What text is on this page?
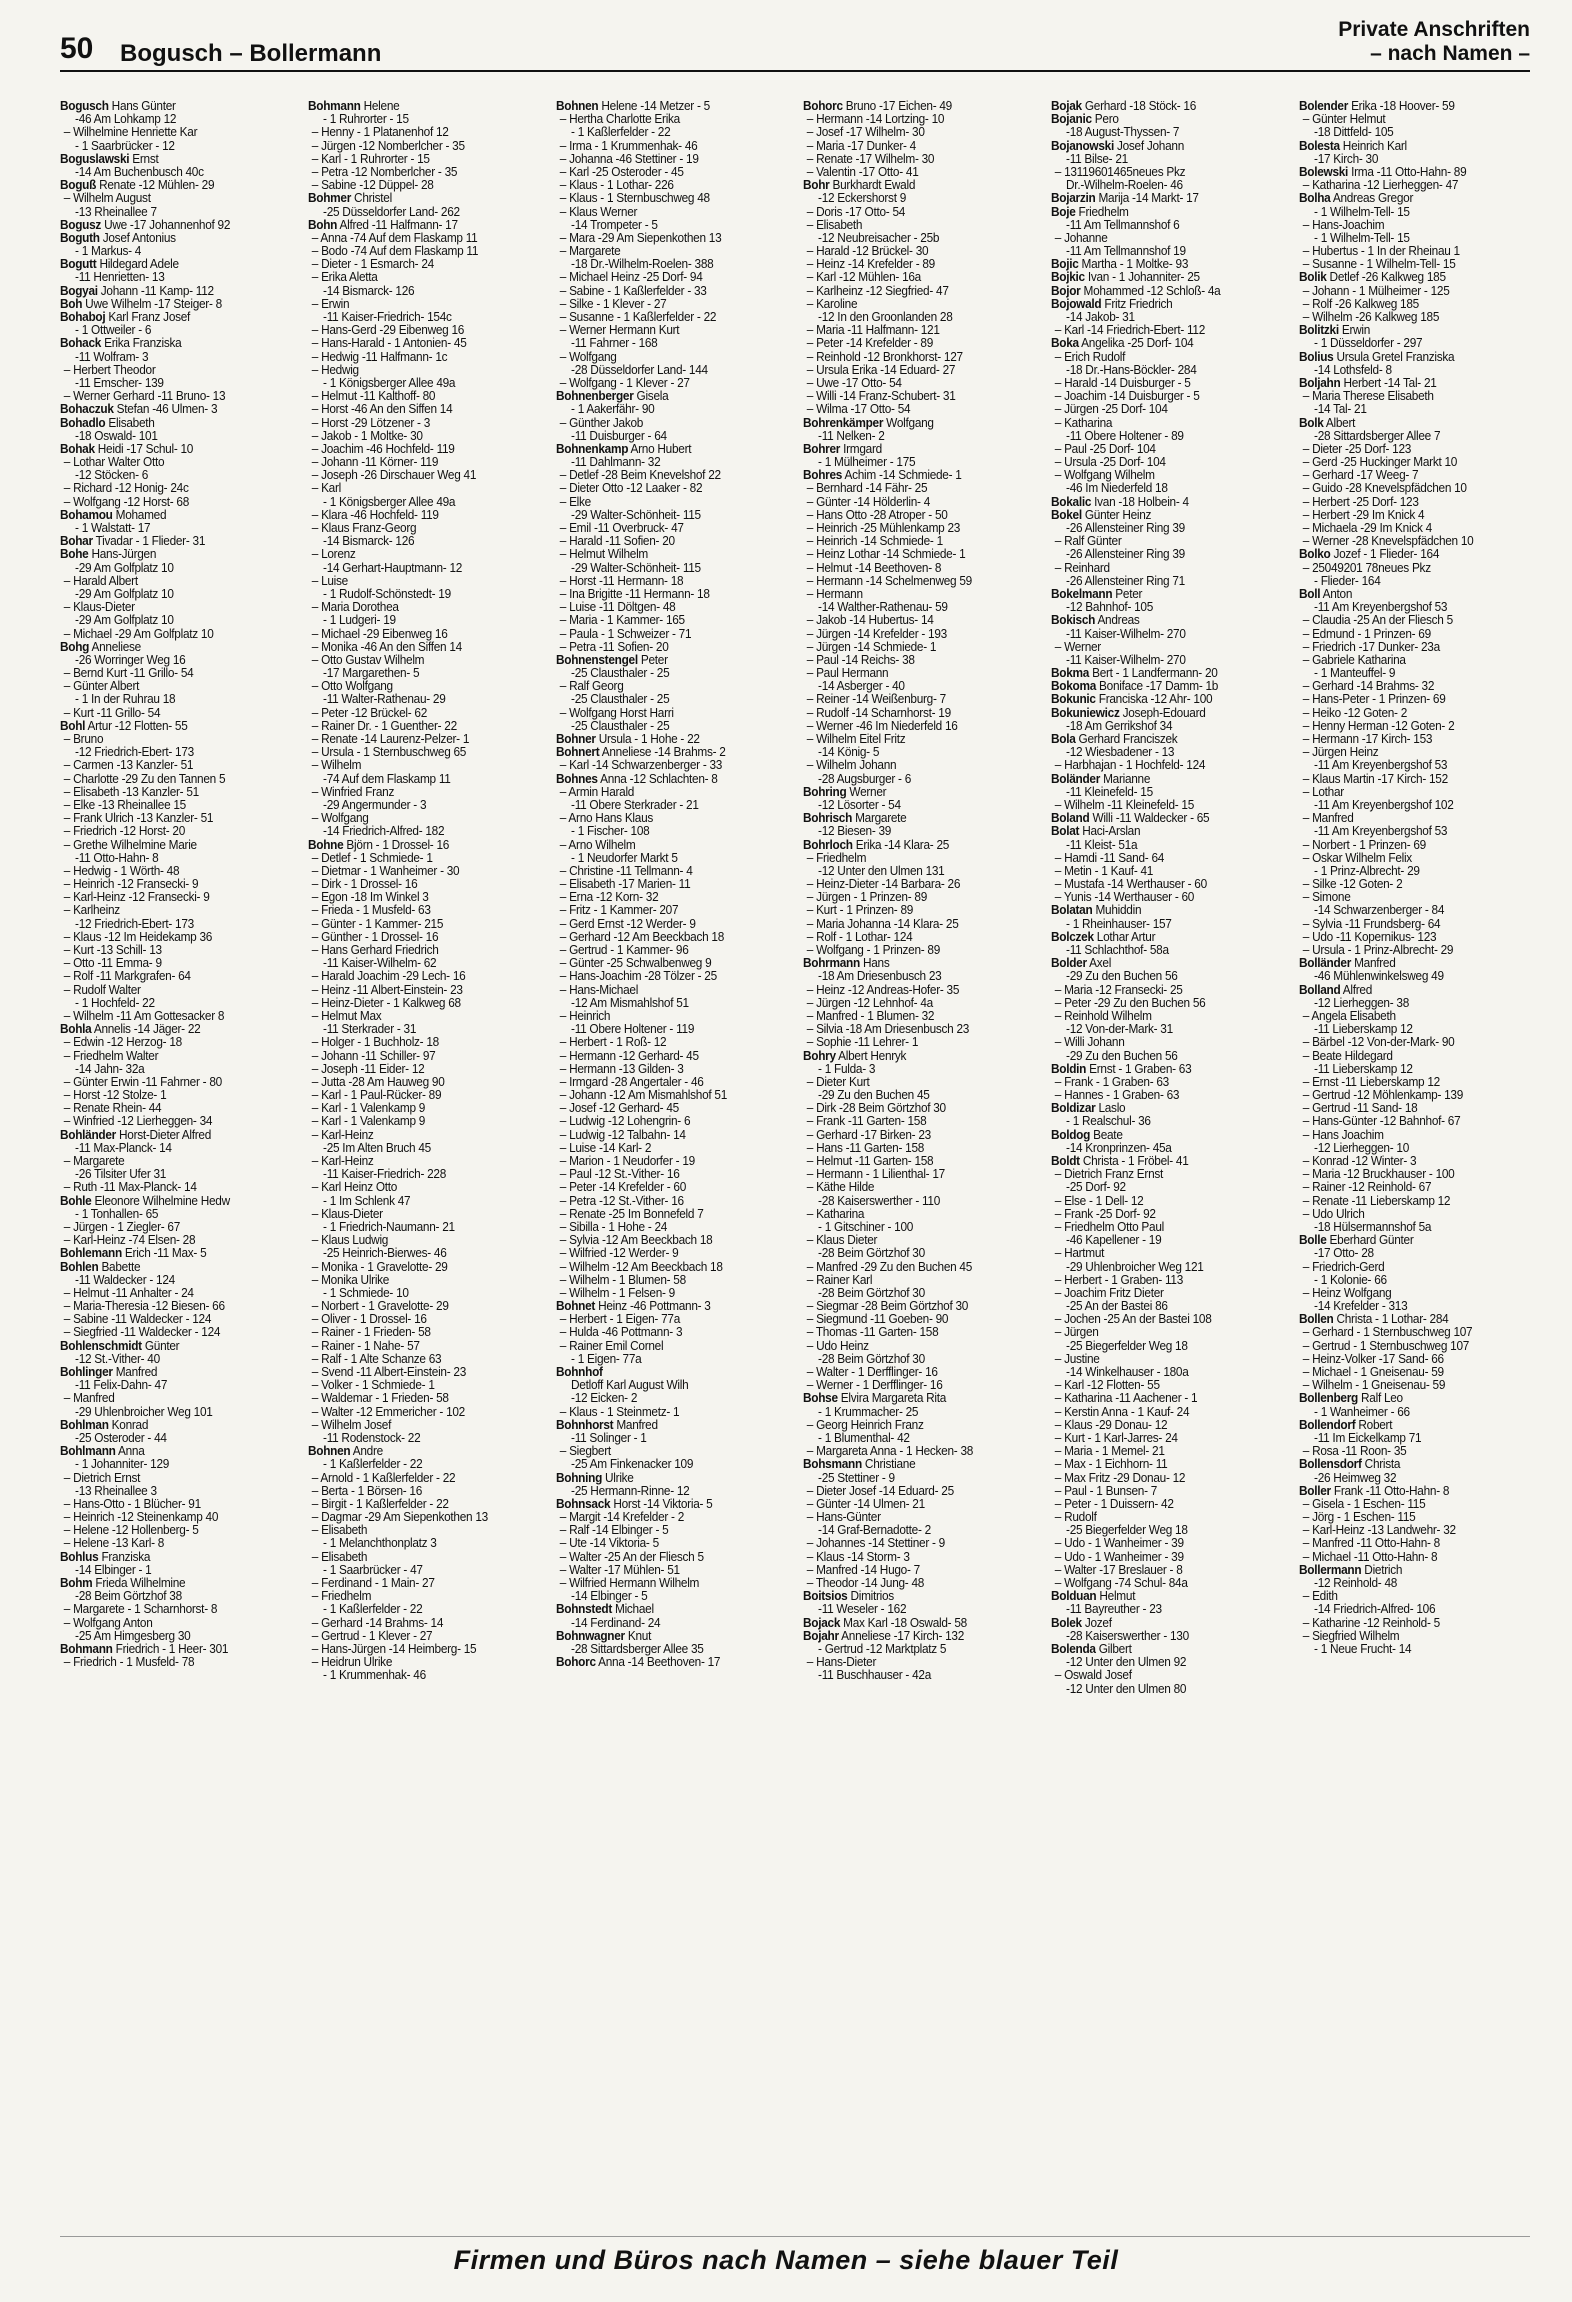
50 Bogusch – Bollermann
Private Anschriften
– nach Namen –
Bogusch Hans Günter
-46 Am Lohkamp 12
– Wilhelmine Henriette Kar
- 1 Saarbrücker - 12
Boguslawski Ernst
-14 Am Buchenbusch 40c
Boguß Renate -12 Mühlen- 29
– Wilhelm August
-13 Rheinallee 7
Bogusz Uwe -17 Johannenhof 92
Boguth Josef Antonius
- 1 Markus- 4
Bogutt Hildegard Adele
-11 Henrietten- 13
Bogyai Johann -11 Kamp- 112
Boh Uwe Wilhelm -17 Steiger- 8
Bohaboj Karl Franz Josef
- 1 Ottweiler - 6
Bohack Erika Franziska
-11 Wolfram- 3
– Herbert Theodor
-11 Emscher- 139
– Werner Gerhard -11 Bruno- 13
Bohaczuk Stefan -46 Ulmen- 3
Bohadlo Elisabeth
-18 Oswald- 101
Bohak Heidi -17 Schul- 10
– Lothar Walter Otto
-12 Stöcken- 6
– Richard -12 Honig- 24c
– Wolfgang -12 Horst- 68
Bohamou Mohamed
- 1 Walstatt- 17
Bohar Tivadar - 1 Flieder- 31
Bohe Hans-Jürgen
-29 Am Golfplatz 10
– Harald Albert
-29 Am Golfplatz 10
– Klaus-Dieter
-29 Am Golfplatz 10
– Michael -29 Am Golfplatz 10
Bohg Anneliese
-26 Worringer Weg 16
– Bernd Kurt -11 Grillo- 54
– Günter Albert
- 1 In der Ruhrau 18
– Kurt -11 Grillo- 54
Bohl Artur -12 Flotten- 55
– Bruno
-12 Friedrich-Ebert- 173
– Carmen -13 Kanzler- 51
– Charlotte -29 Zu den Tannen 5
– Elisabeth -13 Kanzler- 51
– Elke -13 Rheinallee 15
– Frank Ulrich -13 Kanzler- 51
– Friedrich -12 Horst- 20
– Grethe Wilhelmine Marie
-11 Otto-Hahn- 8
– Hedwig - 1 Wörth- 48
– Heinrich -12 Fransecki- 9
– Karl-Heinz -12 Fransecki- 9
– Karlheinz
-12 Friedrich-Ebert- 173
– Klaus -12 Im Heidekamp 36
– Kurt -13 Schill- 13
– Otto -11 Emma- 9
– Rolf -11 Markgrafen- 64
– Rudolf Walter
- 1 Hochfeld- 22
– Wilhelm -11 Am Gottesacker 8
Bohla Annelis -14 Jäger- 22
– Edwin -12 Herzog- 18
– Friedhelm Walter
-14 Jahn- 32a
– Günter Erwin -11 Fahrner - 80
– Horst -12 Stolze- 1
– Renate Rhein- 44
– Winfried -12 Lierheggen- 34
Bohländer Horst-Dieter Alfred
-11 Max-Planck- 14
– Margarete
-26 Tilsiter Ufer 31
– Ruth -11 Max-Planck- 14
Bohle Eleonore Wilhelmine Hedw
- 1 Tonhallen- 65
– Jürgen - 1 Ziegler- 67
– Karl-Heinz -74 Elsen- 28
Bohlemann Erich -11 Max- 5
Bohlen Babette
-11 Waldecker - 124
– Helmut -11 Anhalter - 24
– Maria-Theresia -12 Biesen- 66
– Sabine -11 Waldecker - 124
– Siegfried -11 Waldecker - 124
Bohlenschmidt Günter
-12 St.-Vither- 40
Bohlinger Manfred
-11 Felix-Dahn- 47
– Manfred
-29 Uhlenbroicher Weg 101
Bohlman Konrad
-25 Osteroder - 44
Bohlmann Anna
- 1 Johanniter- 129
– Dietrich Ernst
-13 Rheinallee 3
– Hans-Otto - 1 Blücher- 91
– Heinrich -12 Steinenkamp 40
– Helene -12 Hollenberg- 5
– Helene -13 Karl- 8
Bohlus Franziska
-14 Elbinger - 1
Bohm Frieda Wilhelmine
-28 Beim Görtzhof 38
– Margarete - 1 Scharnhorst- 8
– Wolfgang Anton
-25 Am Himgesberg 30
Bohmann Friedrich - 1 Heer- 301
– Friedrich - 1 Musfeld- 78
Bohmann Helene
- 1 Ruhrorter - 15
– Henny - 1 Platanenhof 12
– Jürgen -12 Nomberlcher - 35
– Karl - 1 Ruhrorter - 15
– Petra -12 Nomberlcher - 35
– Sabine -12 Düppel- 28
Bohmer Christel
-25 Düsseldorfer Land- 262
Bohn Alfred -11 Halfmann- 17
– Anna -74 Auf dem Flaskamp 11
– Bodo -74 Auf dem Flaskamp 11
– Dieter - 1 Esmarch- 24
– Erika Aletta
-14 Bismarck- 126
– Erwin
-11 Kaiser-Friedrich- 154c
– Hans-Gerd -29 Eibenweg 16
– Hans-Harald - 1 Antonien- 45
– Hedwig -11 Halfmann- 1c
– Hedwig
- 1 Königsberger Allee 49a
– Helmut -11 Kalthoff- 80
– Horst -46 An den Siffen 14
– Horst -29 Lötzener - 3
– Jakob - 1 Moltke- 30
– Joachim -46 Hochfeld- 119
– Johann -11 Körner- 119
– Joseph -26 Dirschauer Weg 41
– Karl
- 1 Königsberger Allee 49a
– Klara -46 Hochfeld- 119
– Klaus Franz-Georg
-14 Bismarck- 126
– Lorenz
-14 Gerhart-Hauptmann- 12
– Luise
- 1 Rudolf-Schönstedt- 19
– Maria Dorothea
- 1 Ludgeri- 19
– Michael -29 Eibenweg 16
– Monika -46 An den Siffen 14
– Otto Gustav Wilhelm
-17 Margarethen- 5
– Otto Wolfgang
-11 Walter-Rathenau- 29
– Peter -12 Brückel- 62
– Rainer Dr. - 1 Guenther- 22
– Renate -14 Laurenz-Pelzer- 1
– Ursula - 1 Sternbuschweg 65
– Wilhelm
-74 Auf dem Flaskamp 11
– Winfried Franz
-29 Angermunder - 3
– Wolfgang
-14 Friedrich-Alfred- 182
Bohne Björn - 1 Drossel- 16
– Detlef - 1 Schmiede- 1
– Dietmar - 1 Wanheimer - 30
– Dirk - 1 Drossel- 16
– Egon -18 Im Winkel 3
– Frieda - 1 Musfeld- 63
– Günter - 1 Kammer- 215
– Günther - 1 Drossel- 16
– Hans Gerhard Friedrich
-11 Kaiser-Wilhelm- 62
– Harald Joachim -29 Lech- 16
– Heinz -11 Albert-Einstein- 23
– Heinz-Dieter - 1 Kalkweg 68
– Helmut Max
-11 Sterkrader - 31
– Holger - 1 Buchholz- 18
– Johann -11 Schiller- 97
– Joseph -11 Eider- 12
– Jutta -28 Am Hauweg 90
– Karl - 1 Paul-Rücker- 89
– Karl - 1 Valenkamp 9
– Karl - 1 Valenkamp 9
– Karl-Heinz
-25 Im Alten Bruch 45
– Karl-Heinz
-11 Kaiser-Friedrich- 228
– Karl Heinz Otto
- 1 Im Schlenk 47
– Klaus-Dieter
- 1 Friedrich-Naumann- 21
– Klaus Ludwig
-25 Heinrich-Bierwes- 46
– Monika - 1 Gravelotte- 29
– Monika Ulrike
- 1 Schmiede- 10
– Norbert - 1 Gravelotte- 29
– Oliver - 1 Drossel- 16
– Rainer - 1 Frieden- 58
– Rainer - 1 Nahe- 57
– Ralf - 1 Alte Schanze 63
– Svend -11 Albert-Einstein- 23
– Volker - 1 Schmiede- 1
– Waldemar - 1 Frieden- 58
– Walter -12 Emmericher - 102
– Wilhelm Josef
-11 Rodenstock- 22
Bohnen Andre
- 1 Kaßlerfelder - 22
– Arnold - 1 Kaßlerfelder - 22
– Berta - 1 Börsen- 16
– Birgit - 1 Kaßlerfelder - 22
– Dagmar -29 Am Siepenkothen 13
– Elisabeth
- 1 Melanchthonplatz 3
– Elisabeth
- 1 Saarbrücker - 47
– Ferdinand - 1 Main- 27
– Friedhelm
- 1 Kaßlerfelder - 22
– Gerhard -14 Brahms- 14
– Gertrud - 1 Klever - 27
– Hans-Jürgen -14 Heimberg- 15
– Heidrun Ulrike
- 1 Krummenhak- 46
Bohnen Helene -14 Metzer - 5
– Hertha Charlotte Erika
- 1 Kaßlerfelder - 22
– Irma - 1 Krummenhak- 46
– Johanna -46 Stettiner - 19
– Karl -25 Osteroder - 45
– Klaus - 1 Lothar- 226
– Klaus - 1 Sternbuschweg 48
– Klaus Werner
-14 Trompeter - 5
– Mara -29 Am Siepenkothen 13
– Margarete
-18 Dr.-Wilhelm-Roelen- 388
– Michael Heinz -25 Dorf- 94
– Sabine - 1 Kaßlerfelder - 33
– Silke - 1 Klever - 27
– Susanne - 1 Kaßlerfelder - 22
– Werner Hermann Kurt
-11 Fahrner - 168
– Wolfgang
-28 Düsseldorfer Land- 144
– Wolfgang - 1 Klever - 27
Bohnenberger Gisela
- 1 Aakerfähr- 90
– Günther Jakob
-11 Duisburger - 64
Bohnenkamp Arno Hubert
-11 Dahlmann- 32
– Detlef -28 Beim Knevelshof 22
– Dieter Otto -12 Laaker - 82
– Elke
-29 Walter-Schönheit- 115
– Emil -11 Overbruck- 47
– Harald -11 Sofien- 20
– Helmut Wilhelm
-29 Walter-Schönheit- 115
– Horst -11 Hermann- 18
– Ina Brigitte -11 Hermann- 18
– Luise -11 Döltgen- 48
– Maria - 1 Kammer- 165
– Paula - 1 Schweizer - 71
– Petra -11 Sofien- 20
Bohnenstengel Peter
-25 Clausthaler - 25
– Ralf Georg
-25 Clausthaler - 25
– Wolfgang Horst Harri
-25 Clausthaler - 25
Bohner Ursula - 1 Hohe - 22
Bohnert Anneliese -14 Brahms- 2
– Karl -14 Schwarzenberger - 33
Bohnes Anna -12 Schlachten- 8
– Armin Harald
-11 Obere Sterkrader - 21
– Arno Hans Klaus
- 1 Fischer- 108
– Arno Wilhelm
- 1 Neudorfer Markt 5
– Christine -11 Tellmann- 4
– Elisabeth -17 Marien- 11
– Erna -12 Korn- 32
– Fritz - 1 Kammer- 207
– Gerd Ernst -12 Werder- 9
– Gerhard -12 Am Beeckbach 18
– Gertrud - 1 Kammer- 96
– Günter -25 Schwalbenweg 9
– Hans-Joachim -28 Tölzer - 25
– Hans-Michael
-12 Am Mismahlshof 51
– Heinrich
-11 Obere Holtener - 119
– Herbert - 1 Roß- 12
– Hermann -12 Gerhard- 45
– Hermann -13 Gilden- 3
– Irmgard -28 Angertaler - 46
– Johann -12 Am Mismahlshof 51
– Josef -12 Gerhard- 45
– Ludwig -12 Lohengrin- 6
– Ludwig -12 Talbahn- 14
– Luise -14 Karl- 2
– Marion - 1 Neudorfer - 19
– Paul -12 St.-Vither- 16
– Peter -14 Krefelder - 60
– Petra -12 St.-Vither- 16
– Renate -25 Im Bonnefeld 7
– Sibilla - 1 Hohe - 24
– Sylvia -12 Am Beeckbach 18
– Wilfried -12 Werder- 9
– Wilhelm -12 Am Beeckbach 18
– Wilhelm - 1 Blumen- 58
– Wilhelm - 1 Felsen- 9
Bohnet Heinz -46 Pottmann- 3
– Herbert - 1 Eigen- 77a
– Hulda -46 Pottmann- 3
– Rainer Emil Cornel
- 1 Eigen- 77a
Bohnhof
Detloff Karl August Wilh
-12 Eicken- 2
– Klaus - 1 Steinmetz- 1
Bohnhorst Manfred
-11 Solinger - 1
– Siegbert
-25 Am Finkenacker 109
Bohning Ulrike
-25 Hermann-Rinne- 12
Bohnsack Horst -14 Viktoria- 5
– Margit -14 Krefelder - 2
– Ralf -14 Elbinger - 5
– Ute -14 Viktoria- 5
– Walter -25 An der Fliesch 5
– Walter -17 Mühlen- 51
– Wilfried Hermann Wilhelm
-14 Elbinger - 5
Bohnstedt Michael
-14 Ferdinand- 24
Bohnwagner Knut
-28 Sittardsberger Allee 35
Bohorc Anna -14 Beethoven- 17
Bohorc Bruno -17 Eichen- 49
– Hermann -14 Lortzing- 10
– Josef -17 Wilhelm- 30
– Maria -17 Dunker- 4
– Renate -17 Wilhelm- 30
– Valentin -17 Otto- 41
Bohr Burkhardt Ewald
-12 Eckershorst 9
– Doris -17 Otto- 54
– Elisabeth
-12 Neubreisacher - 25b
– Harald -12 Brückel- 30
– Heinz -14 Krefelder - 89
– Karl -12 Mühlen- 16a
– Karlheinz -12 Siegfried- 47
– Karoline
-12 In den Groonlanden 28
– Maria -11 Halfmann- 121
– Peter -14 Krefelder - 89
– Reinhold -12 Bronkhorst- 127
– Ursula Erika -14 Eduard- 27
– Uwe -17 Otto- 54
– Willi -14 Franz-Schubert- 31
– Wilma -17 Otto- 54
Bohrenkämper Wolfgang
-11 Nelken- 2
Bohrer Irmgard
- 1 Mülheimer - 175
Bohres Achim -14 Schmiede- 1
– Bernhard -14 Fähr- 25
– Günter -14 Hölderlin- 4
– Hans Otto -28 Atroper - 50
– Heinrich -25 Mühlenkamp 23
– Heinrich -14 Schmiede- 1
– Heinz Lothar -14 Schmiede- 1
– Helmut -14 Beethoven- 8
– Hermann -14 Schelmenweg 59
– Hermann
-14 Walther-Rathenau- 59
– Jakob -14 Hubertus- 14
– Jürgen -14 Krefelder - 193
– Jürgen -14 Schmiede- 1
– Paul -14 Reichs- 38
– Paul Hermann
-14 Asberger - 40
– Reiner -14 Weißenburg- 7
– Rudolf -14 Scharnhorst- 19
– Werner -46 Im Niederfeld 16
– Wilhelm Eitel Fritz
-14 König- 5
– Wilhelm Johann
-28 Augsburger - 6
Bohring Werner
-12 Lösorter - 54
Bohrisch Margarete
-12 Biesen- 39
Bohrloch Erika -14 Klara- 25
– Friedhelm
-12 Unter den Ulmen 131
– Heinz-Dieter -14 Barbara- 26
– Jürgen - 1 Prinzen- 89
– Kurt - 1 Prinzen- 89
– Maria Johanna -14 Klara- 25
– Rolf - 1 Lothar- 124
– Wolfgang - 1 Prinzen- 89
Bohrmann Hans
-18 Am Driesenbusch 23
– Heinz -12 Andreas-Hofer- 35
– Jürgen -12 Lehnhof- 4a
– Manfred - 1 Blumen- 32
– Silvia -18 Am Driesenbusch 23
– Sophie -11 Lehrer- 1
Bohry Albert Henryk
- 1 Fulda- 3
– Dieter Kurt
-29 Zu den Buchen 45
– Dirk -28 Beim Görtzhof 30
– Frank -11 Garten- 158
– Gerhard -17 Birken- 23
– Hans -11 Garten- 158
– Helmut -11 Garten- 158
– Hermann - 1 Lilienthal- 17
– Käthe Hilde
-28 Kaiserswerther - 110
– Katharina
- 1 Gitschiner - 100
– Klaus Dieter
-28 Beim Görtzhof 30
– Manfred -29 Zu den Buchen 45
– Rainer Karl
-28 Beim Görtzhof 30
– Siegmar -28 Beim Görtzhof 30
– Siegmund -11 Goeben- 90
– Thomas -11 Garten- 158
– Udo Heinz
-28 Beim Görtzhof 30
– Walter - 1 Derfflinger- 16
– Werner - 1 Derfflinger- 16
Bohse Elvira Margareta Rita
- 1 Krummacher- 25
– Georg Heinrich Franz
- 1 Blumenthal- 42
– Margareta Anna - 1 Hecken- 38
Bohsmann Christiane
-25 Stettiner - 9
– Dieter Josef -14 Eduard- 25
– Günter -14 Ulmen- 21
– Hans-Günter
-14 Graf-Bernadotte- 2
– Johannes -14 Stettiner - 9
– Klaus -14 Storm- 3
– Manfred -14 Hugo- 7
– Theodor -14 Jung- 48
Boitsios Dimitrios
-11 Weseler - 162
Bojack Max Karl -18 Oswald- 58
Bojahr Anneliese -17 Kirch- 132
- Gertrud -12 Marktplatz 5
– Hans-Dieter
-11 Buschhauser - 42a
Bojak Gerhard -18 Stöck- 16
Bojanic Pero
-18 August-Thyssen- 7
Bojanowski Josef Johann
-11 Bilse- 21
– 13119601465neues Pkz
Dr.-Wilhelm-Roelen- 46
Bojarzin Marija -14 Markt- 17
Boje Friedhelm
-11 Am Tellmannshof 6
– Johanne
-11 Am Tellmannshof 19
Bojic Martha - 1 Moltke- 93
Bojkic Ivan - 1 Johanniter- 25
Bojor Mohammed -12 Schloß- 4a
Bojowald Fritz Friedrich
-14 Jakob- 31
– Karl -14 Friedrich-Ebert- 112
Boka Angelika -25 Dorf- 104
– Erich Rudolf
-18 Dr.-Hans-Böckler- 284
– Harald -14 Duisburger - 5
– Joachim -14 Duisburger - 5
– Jürgen -25 Dorf- 104
– Katharina
-11 Obere Holtener - 89
– Paul -25 Dorf- 104
– Ursula -25 Dorf- 104
– Wolfgang Wilhelm
-46 Im Niederfeld 18
Bokalic Ivan -18 Holbein- 4
Bokel Günter Heinz
-26 Allensteiner Ring 39
– Ralf Günter
-26 Allensteiner Ring 39
– Reinhard
-26 Allensteiner Ring 71
Bokelmann Peter
-12 Bahnhof- 105
Bokisch Andreas
-11 Kaiser-Wilhelm- 270
– Werner
-11 Kaiser-Wilhelm- 270
Bokma Bert - 1 Landfermann- 20
Bokoma Boniface -17 Damm- 1b
Bokunic Franciska -12 Ahr- 100
Bokuniewicz Joseph-Edouard
-18 Am Gerrikshof 34
Bola Gerhard Franciszek
-12 Wiesbadener - 13
– Harbhajan - 1 Hochfeld- 124
Boländer Marianne
-11 Kleinefeld- 15
– Wilhelm -11 Kleinefeld- 15
Boland Willi -11 Waldecker - 65
Bolat Haci-Arslan
-11 Kleist- 51a
– Hamdi -11 Sand- 64
– Metin - 1 Kauf- 41
– Mustafa -14 Werthauser - 60
– Yunis -14 Werthauser - 60
Bolatan Muhiddin
- 1 Rheinhauser- 157
Bolczek Lothar Artur
-11 Schlachthof- 58a
Bolder Axel
-29 Zu den Buchen 56
– Maria -12 Fransecki- 25
– Peter -29 Zu den Buchen 56
– Reinhold Wilhelm
-12 Von-der-Mark- 31
– Willi Johann
-29 Zu den Buchen 56
Boldin Ernst - 1 Graben- 63
– Frank - 1 Graben- 63
– Hannes - 1 Graben- 63
Boldizar Laslo
- 1 Realschul- 36
Boldog Beate
-14 Kronprinzen- 45a
Boldt Christa - 1 Fröbel- 41
– Dietrich Franz Ernst
-25 Dorf- 92
– Else - 1 Dell- 12
– Frank -25 Dorf- 92
– Friedhelm Otto Paul
-46 Kapellener - 19
– Hartmut
-29 Uhlenbroicher Weg 121
– Herbert - 1 Graben- 113
– Joachim Fritz Dieter
-25 An der Bastei 86
– Jochen -25 An der Bastei 108
– Jürgen
-25 Biegerfelder Weg 18
– Justine
-14 Winkelhauser - 180a
– Karl -12 Flotten- 55
– Katharina -11 Aachener - 1
– Kerstin Anna - 1 Kauf- 24
– Klaus -29 Donau- 12
– Kurt - 1 Karl-Jarres- 24
– Maria - 1 Memel- 21
– Max - 1 Eichhorn- 11
– Max Fritz -29 Donau- 12
– Paul - 1 Bunsen- 7
– Peter - 1 Duissern- 42
– Rudolf
-25 Biegerfelder Weg 18
– Udo - 1 Wanheimer - 39
– Udo - 1 Wanheimer - 39
– Walter -17 Breslauer - 8
– Wolfgang -74 Schul- 84a
Bolduan Helmut
-11 Bayreuther - 23
Bolek Jozef
-28 Kaiserswerther - 130
Bolenda Gilbert
-12 Unter den Ulmen 92
– Oswald Josef
-12 Unter den Ulmen 80
Bolender Erika -18 Hoover- 59
– Günter Helmut
-18 Dittfeld- 105
Bolesta Heinrich Karl
-17 Kirch- 30
Bolewski Irma -11 Otto-Hahn- 89
– Katharina -12 Lierheggen- 47
Bolha Andreas Gregor
- 1 Wilhelm-Tell- 15
– Hans-Joachim
- 1 Wilhelm-Tell- 15
– Hubertus - 1 In der Rheinau 1
– Susanne - 1 Wilhelm-Tell- 15
Bolik Detlef -26 Kalkweg 185
– Johann - 1 Mülheimer - 125
– Rolf -26 Kalkweg 185
– Wilhelm -26 Kalkweg 185
Bolitzki Erwin
- 1 Düsseldorfer - 297
Bolius Ursula Gretel Franziska
-14 Lothsfeld- 8
Boljahn Herbert -14 Tal- 21
– Maria Therese Elisabeth
-14 Tal- 21
Bolk Albert
-28 Sittardsberger Allee 7
– Dieter -25 Dorf- 123
– Gerd -25 Huckinger Markt 10
– Gerhard -17 Weeg- 7
– Guido -28 Knevelspfädchen 10
– Herbert -25 Dorf- 123
– Herbert -29 Im Knick 4
– Michaela -29 Im Knick 4
– Werner -28 Knevelspfädchen 10
Bolko Jozef - 1 Flieder- 164
– 25049201 78neues Pkz
- Flieder- 164
Boll Anton
-11 Am Kreyenbergshof 53
– Claudia -25 An der Fliesch 5
– Edmund - 1 Prinzen- 69
– Friedrich -17 Dunker- 23a
– Gabriele Katharina
- 1 Manteuffel- 9
– Gerhard -14 Brahms- 32
– Hans-Peter - 1 Prinzen- 69
– Heiko -12 Goten- 2
– Henny Herman -12 Goten- 2
– Hermann -17 Kirch- 153
– Jürgen Heinz
-11 Am Kreyenbergshof 53
– Klaus Martin -17 Kirch- 152
– Lothar
-11 Am Kreyenbergshof 102
– Manfred
-11 Am Kreyenbergshof 53
– Norbert - 1 Prinzen- 69
– Oskar Wilhelm Felix
- 1 Prinz-Albrecht- 29
– Silke -12 Goten- 2
– Simone
-14 Schwarzenberger - 84
– Sylvia -11 Frundsberg- 64
– Udo -11 Kopernikus- 123
– Ursula - 1 Prinz-Albrecht- 29
Bolländer Manfred
-46 Mühlenwinkelsweg 49
Bolland Alfred
-12 Lierheggen- 38
– Angela Elisabeth
-11 Lieberskamp 12
– Bärbel -12 Von-der-Mark- 90
– Beate Hildegard
-11 Lieberskamp 12
– Ernst -11 Lieberskamp 12
– Gertrud -12 Möhlenkamp- 139
– Gertrud -11 Sand- 18
– Hans-Günter -12 Bahnhof- 67
– Hans Joachim
-12 Lierheggen- 10
– Konrad -12 Winter- 3
– Maria -12 Bruckhauser - 100
– Rainer -12 Reinhold- 67
– Renate -11 Lieberskamp 12
– Udo Ulrich
-18 Hülsermannshof 5a
Bolle Eberhard Günter
-17 Otto- 28
– Friedrich-Gerd
- 1 Kolonie- 66
– Heinz Wolfgang
-14 Krefelder - 313
Bollen Christa - 1 Lothar- 284
– Gerhard - 1 Sternbuschweg 107
– Gertrud - 1 Sternbuschweg 107
– Heinz-Volker -17 Sand- 66
– Michael - 1 Gneisenau- 59
– Wilhelm - 1 Gneisenau- 59
Bollenberg Ralf Leo
- 1 Wanheimer - 66
Bollendorf Robert
-11 Im Eickelkamp 71
– Rosa -11 Roon- 35
Bollensdorf Christa
-26 Heimweg 32
Boller Frank -11 Otto-Hahn- 8
– Gisela - 1 Eschen- 115
– Jörg - 1 Eschen- 115
– Karl-Heinz -13 Landwehr- 32
– Manfred -11 Otto-Hahn- 8
– Michael -11 Otto-Hahn- 8
Bollermann Dietrich
-12 Reinhold- 48
– Edith
-14 Friedrich-Alfred- 106
– Katharine -12 Reinhold- 5
– Siegfried Wilhelm
- 1 Neue Frucht- 14
Firmen und Büros nach Namen – siehe blauer Teil
